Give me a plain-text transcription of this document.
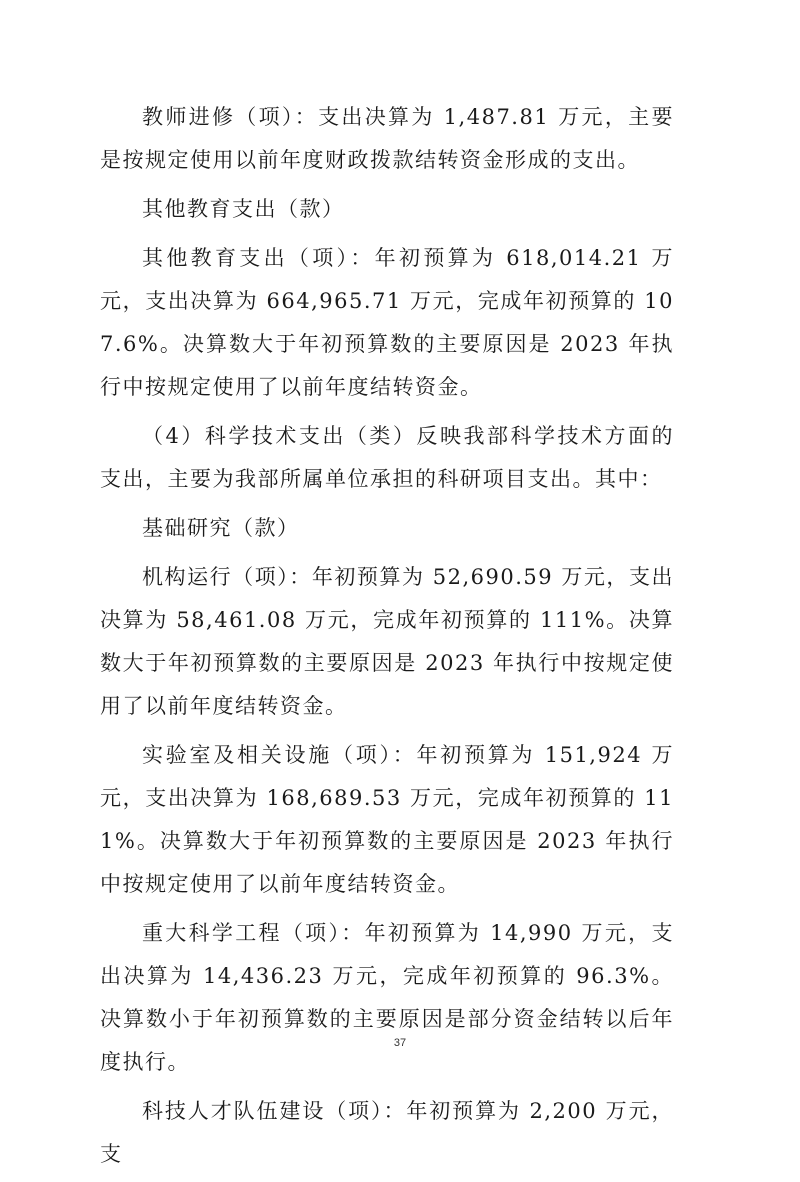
教师进修（项）：支出决算为 1,487.81 万元，主要是按规定使用以前年度财政拨款结转资金形成的支出。

其他教育支出（款）

其他教育支出（项）：年初预算为 618,014.21 万元，支出决算为 664,965.71 万元，完成年初预算的 107.6%。决算数大于年初预算数的主要原因是 2023 年执行中按规定使用了以前年度结转资金。

（4）科学技术支出（类）反映我部科学技术方面的支出，主要为我部所属单位承担的科研项目支出。其中：

基础研究（款）

机构运行（项）：年初预算为 52,690.59 万元，支出决算为 58,461.08 万元，完成年初预算的 111%。决算数大于年初预算数的主要原因是 2023 年执行中按规定使用了以前年度结转资金。

实验室及相关设施（项）：年初预算为 151,924 万元，支出决算为 168,689.53 万元，完成年初预算的 111%。决算数大于年初预算数的主要原因是 2023 年执行中按规定使用了以前年度结转资金。

重大科学工程（项）：年初预算为 14,990 万元，支出决算为 14,436.23 万元，完成年初预算的 96.3%。决算数小于年初预算数的主要原因是部分资金结转以后年度执行。

科技人才队伍建设（项）：年初预算为 2,200 万元，支

37
